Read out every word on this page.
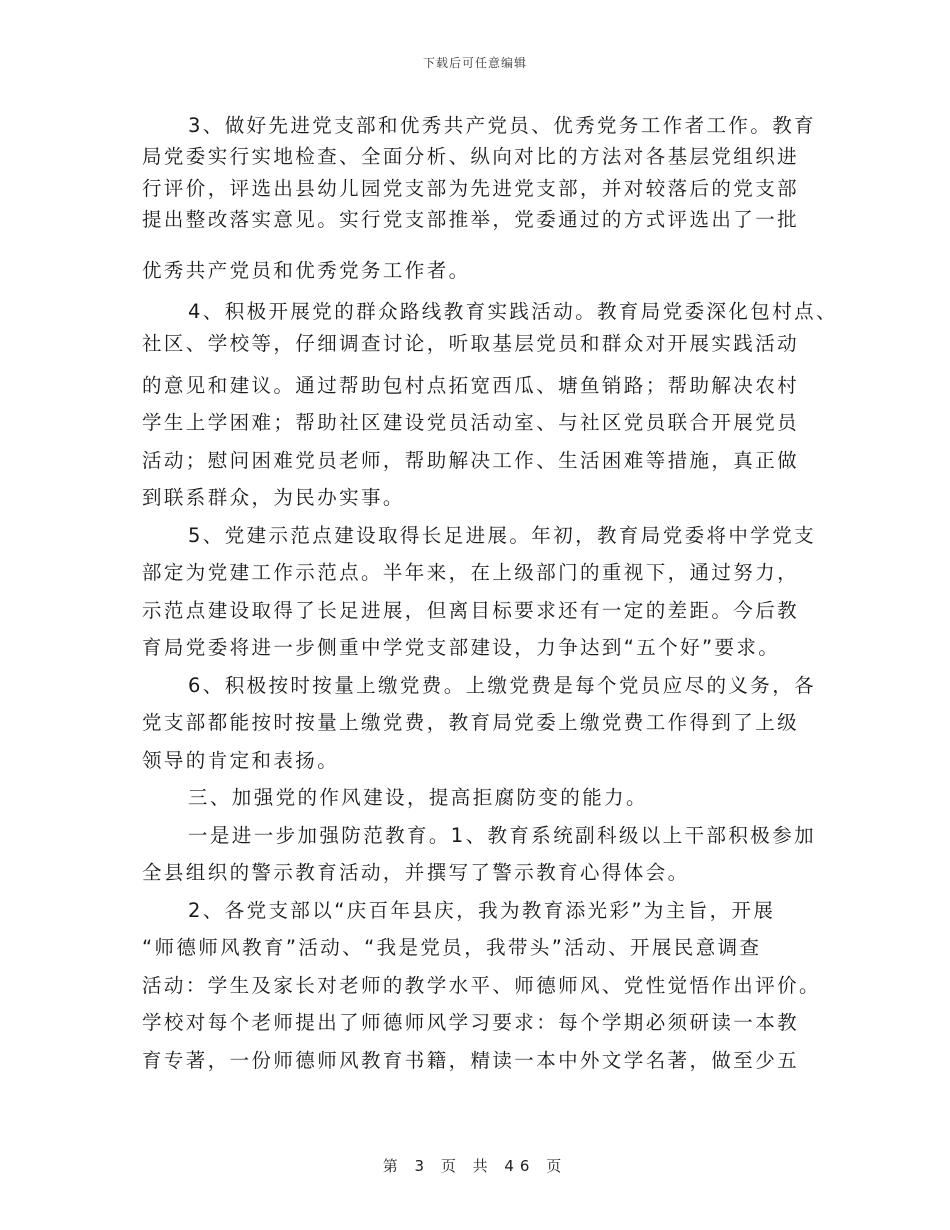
下载后可任意编辑
3、做好先进党支部和优秀共产党员、优秀党务工作者工作。教育
局党委实行实地检查、全面分析、纵向对比的方法对各基层党组织进
行评价，评选出县幼儿园党支部为先进党支部，并对较落后的党支部
提出整改落实意见。实行党支部推举，党委通过的方式评选出了一批
优秀共产党员和优秀党务工作者。
4、积极开展党的群众路线教育实践活动。教育局党委深化包村点、
社区、学校等，仔细调查讨论，听取基层党员和群众对开展实践活动
的意见和建议。通过帮助包村点拓宽西瓜、塘鱼销路；帮助解决农村
学生上学困难；帮助社区建设党员活动室、与社区党员联合开展党员
活动；慰问困难党员老师，帮助解决工作、生活困难等措施，真正做
到联系群众，为民办实事。
5、党建示范点建设取得长足进展。年初，教育局党委将中学党支
部定为党建工作示范点。半年来，在上级部门的重视下，通过努力，
示范点建设取得了长足进展，但离目标要求还有一定的差距。今后教
育局党委将进一步侧重中学党支部建设，力争达到“五个好”要求。
6、积极按时按量上缴党费。上缴党费是每个党员应尽的义务，各
党支部都能按时按量上缴党费，教育局党委上缴党费工作得到了上级
领导的肯定和表扬。
三、加强党的作风建设，提高拒腐防变的能力。
一是进一步加强防范教育。1、教育系统副科级以上干部积极参加
全县组织的警示教育活动，并撰写了警示教育心得体会。
2、各党支部以“庆百年县庆，我为教育添光彩”为主旨，开展
“师德师风教育”活动、“我是党员，我带头”活动、开展民意调查
活动：学生及家长对老师的教学水平、师德师风、党性觉悟作出评价。
学校对每个老师提出了师德师风学习要求：每个学期必须研读一本教
育专著，一份师德师风教育书籍，精读一本中外文学名著，做至少五
第 3 页 共 46 页
